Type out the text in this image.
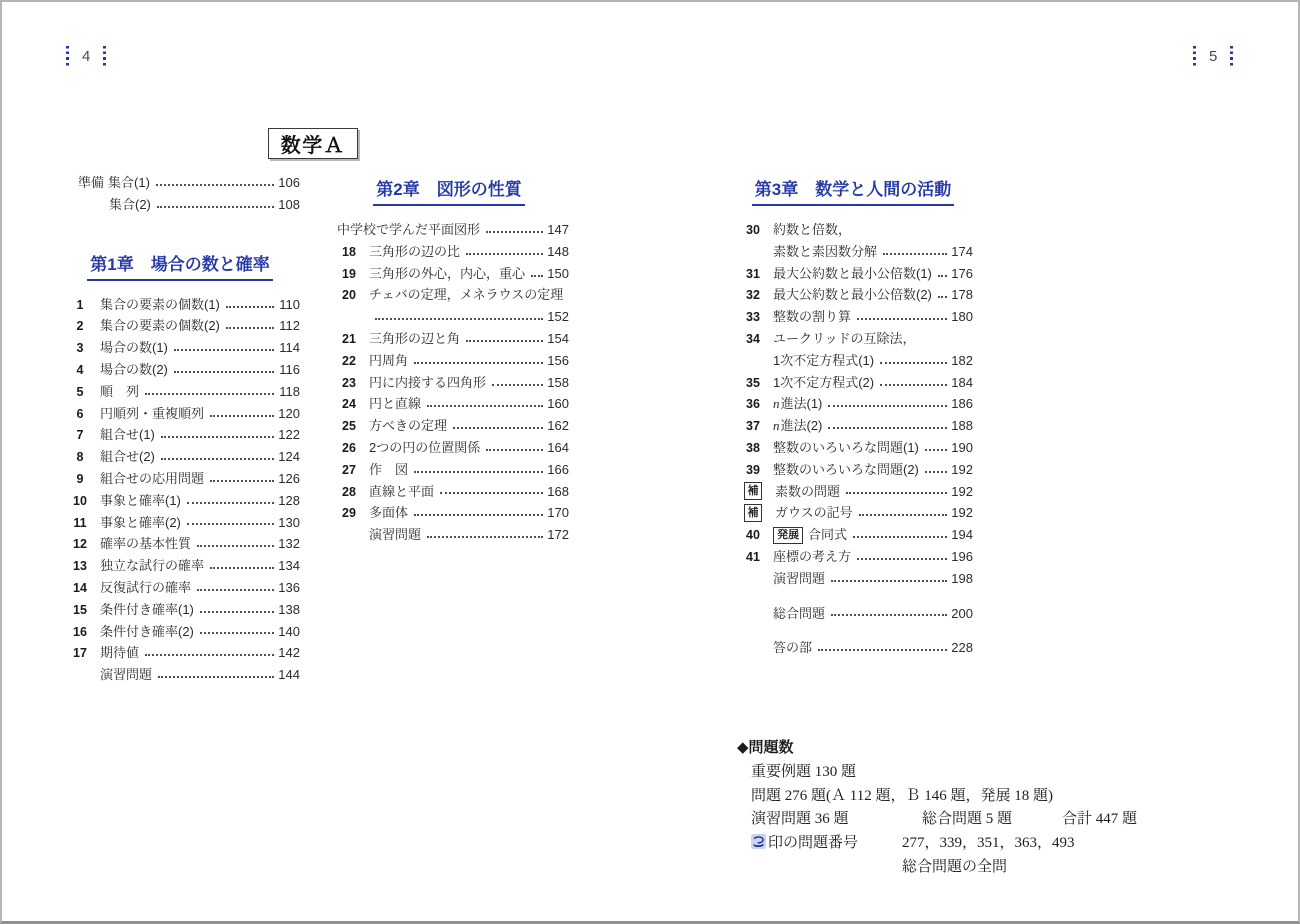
4	5
数学Ａ
準備 集合(1)	106
集合(2)	108
第1章　場合の数と確率
1	集合の要素の個数(1)	110
2	集合の要素の個数(2)	112
3	場合の数(1)	114
4	場合の数(2)	116
5	順　列	118
6	円順列・重複順列	120
7	組合せ(1)	122
8	組合せ(2)	124
9	組合せの応用問題	126
10	事象と確率(1)	128
11	事象と確率(2)	130
12	確率の基本性質	132
13	独立な試行の確率	134
14	反復試行の確率	136
15	条件付き確率(1)	138
16	条件付き確率(2)	140
17	期待値	142
演習問題	144
第2章　図形の性質
中学校で学んだ平面図形	147
18	三角形の辺の比	148
19	三角形の外心，内心，重心 150
20	チェバの定理，メネラウスの定理
152
21	三角形の辺と角	154
22	円周角	156
23	円に内接する四角形	158
24	円と直線	160
25	方べきの定理	162
26	2つの円の位置関係	164
27	作　図	166
28	直線と平面	168
29	多面体	170
演習問題	172
第3章　数学と人間の活動
30	約数と倍数，
素数と素因数分解	174
31	最大公約数と最小公倍数(1) 176
32	最大公約数と最小公倍数(2) 178
33	整数の割り算	180
34	ユークリッドの互除法，
1次不定方程式(1)	182
35	1次不定方程式(2)	184
36	n進法(1)	186
37	n進法(2)	188
38	整数のいろいろな問題(1) 190
39	整数のいろいろな問題(2) 192
補 素数の問題	192
補 ガウスの記号	192
40	発展 合同式	194
41	座標の考え方	196
演習問題	198
総合問題	200
答の部	228
◆問題数
重要例題 130 題
問題 276 題(Ａ 112 題，Ｂ 146 題，発展 18 題)
演習問題 36 題	総合問題 5 題	合計 447 題
印の問題番号	277，339，351，363，493
総合問題の全問
